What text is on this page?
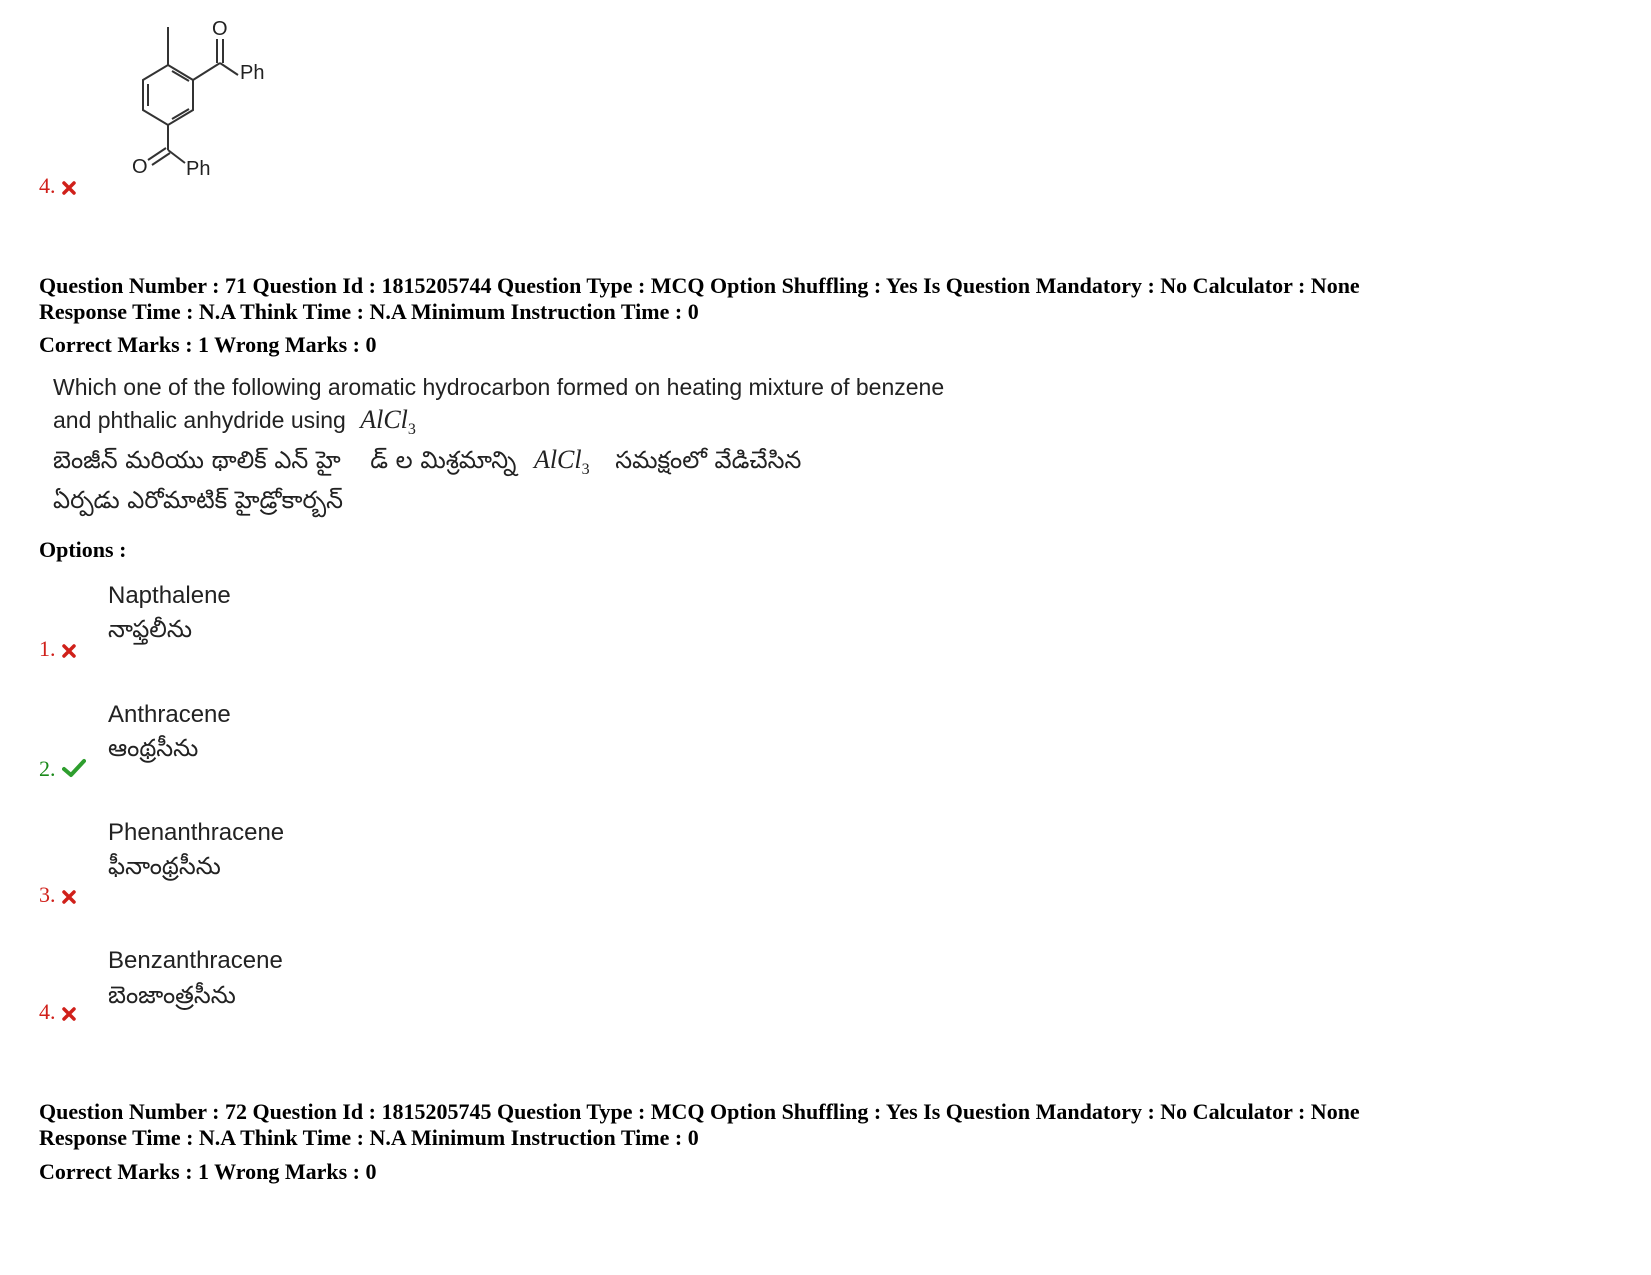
O
Ph
O Ph
4.
Question Number : 71 Question Id : 1815205744 Question Type : MCQ Option Shuffling : Yes Is Question Mandatory : No Calculator : None
Response Time : N.A Think Time : N.A Minimum Instruction Time : 0
Correct Marks : 1 Wrong Marks : 0
Which one of the following aromatic hydrocarbon formed on heating mixture of benzene
and phthalic anhydride using AlCl$_3$
బెంజీన్ మరియు థాలిక్ ఎన్ హై డ్ ల మిశ్రమాన్ని AlCl$_3$ సమక్షంలో వేడిచేసిన
ఏర్పడు ఎరోమాటిక్ హైడ్రోకార్బన్
Options :
Napthalene
నాఫ్తలీను
1.
Anthracene
ఆంథ్రసీను
2.
Phenanthracene
ఫీనాంథ్రసీను
3.
Benzanthracene
బెంజాంత్రసీను
4.
Question Number : 72 Question Id : 1815205745 Question Type : MCQ Option Shuffling : Yes Is Question Mandatory : No Calculator : None
Response Time : N.A Think Time : N.A Minimum Instruction Time : 0
Correct Marks : 1 Wrong Marks : 0
